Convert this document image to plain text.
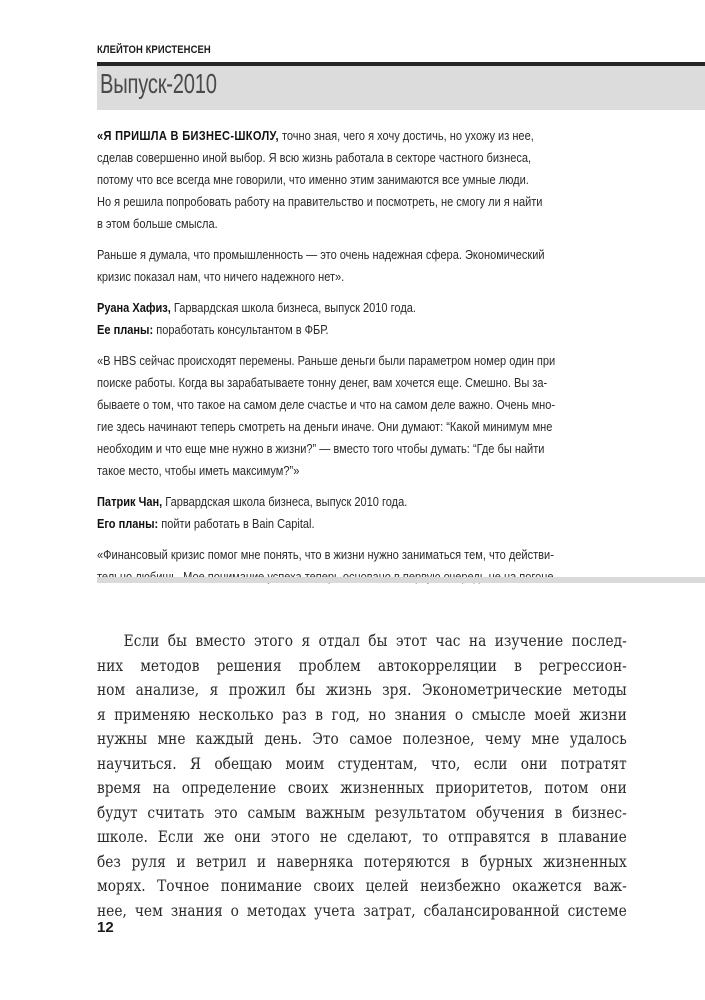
КЛЕЙТОН КРИСТЕНСЕН
Выпуск-2010

«Я ПРИШЛА В БИЗНЕС-ШКОЛУ, точно зная, чего я хочу достичь, но ухожу из нее,
сделав совершенно иной выбор. Я всю жизнь работала в секторе частного бизнеса,
потому что все всегда мне говорили, что именно этим занимаются все умные люди.
Но я решила попробовать работу на правительство и посмотреть, не смогу ли я найти
в этом больше смысла.

Раньше я думала, что промышленность — это очень надежная сфера. Экономический
кризис показал нам, что ничего надежного нет».

Руана Хафиз, Гарвардская школа бизнеса, выпуск 2010 года.
Ее планы: поработать консультантом в ФБР.

«В HBS сейчас происходят перемены. Раньше деньги были параметром номер один при
поиске работы. Когда вы зарабатываете тонну денег, вам хочется еще. Смешно. Вы за-
бываете о том, что такое на самом деле счастье и что на самом деле важно. Очень мно-
гие здесь начинают теперь смотреть на деньги иначе. Они думают: “Какой минимум мне
необходим и что еще мне нужно в жизни?” — вместо того чтобы думать: “Где бы найти
такое место, чтобы иметь максимум?”»

Патрик Чан, Гарвардская школа бизнеса, выпуск 2010 года.
Его планы: пойти работать в Bain Capital.

«Финансовый кризис помог мне понять, что в жизни нужно заниматься тем, что действи-

Если бы вместо этого я отдал бы этот час на изучение послед-
них методов решения проблем автокорреляции в регрессион-
ном анализе, я прожил бы жизнь зря. Эконометрические методы
я применяю несколько раз в год, но знания о смысле моей жизни
нужны мне каждый день. Это самое полезное, чему мне удалось
научиться. Я обещаю моим студентам, что, если они потратят
время на определение своих жизненных приоритетов, потом они
будут считать это самым важным результатом обучения в бизнес-
школе. Если же они этого не сделают, то отправятся в плавание
без руля и ветрил и наверняка потеряются в бурных жизненных
морях. Точное понимание своих целей неизбежно окажется важ-
нее, чем знания о методах учета затрат, сбалансированной системе
12
